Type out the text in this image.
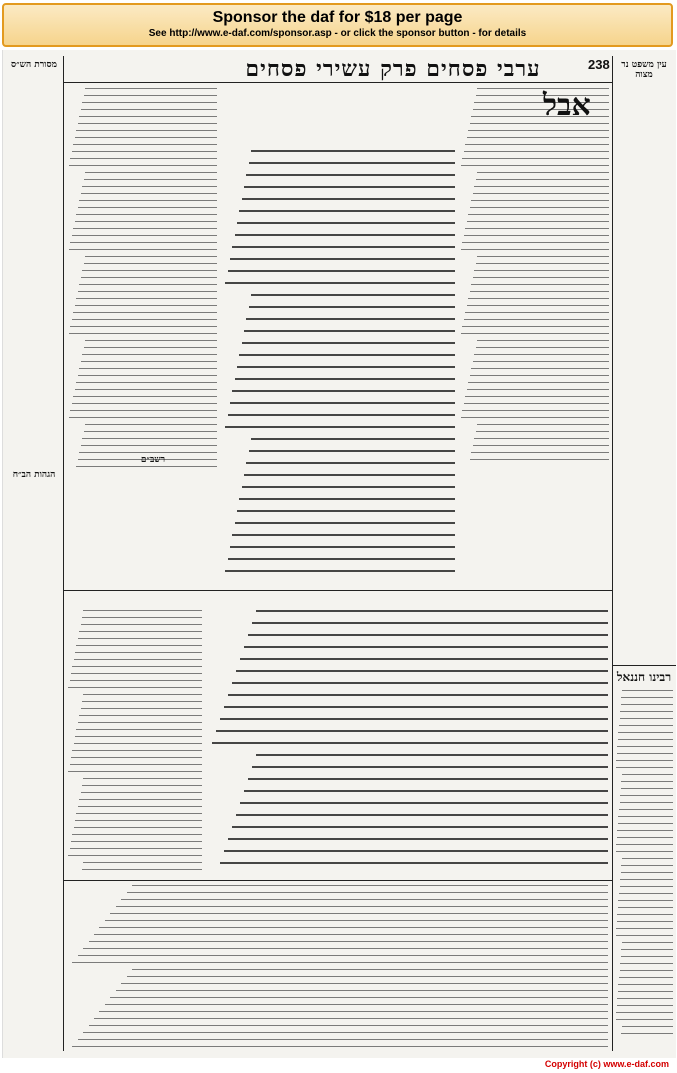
Sponsor the daf for $18 per page
See http://www.e-daf.com/sponsor.asp - or click the sponsor button - for details
ערבי פסחים פרק עשירי פסחים	238
מסורת הש״ס	עין משפט נר מצוה
אבל
רבינו חננאל
הגהות הב״ח
רשב״ם
Copyright (c) www.e-daf.com
